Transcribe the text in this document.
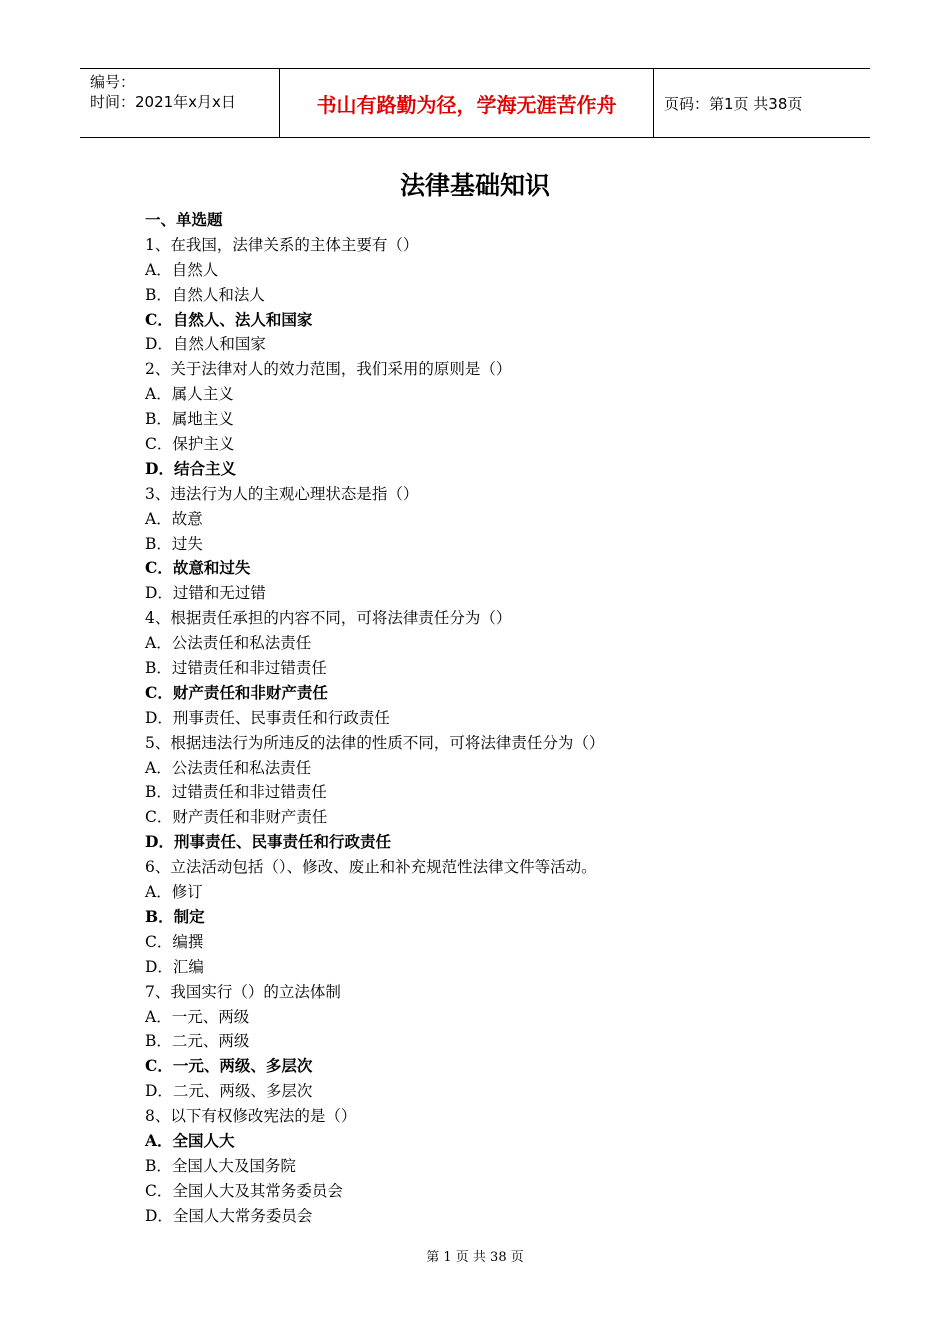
编号：
时间：2021年x月x日	书山有路勤为径，学海无涯苦作舟	页码：第1页 共38页
法律基础知识
一、单选题
1、在我国，法律关系的主体主要有（）
A．自然人
B．自然人和法人
C．自然人、法人和国家
D．自然人和国家
2、关于法律对人的效力范围，我们采用的原则是（）
A．属人主义
B．属地主义
C．保护主义
D．结合主义
3、违法行为人的主观心理状态是指（）
A．故意
B．过失
C．故意和过失
D．过错和无过错
4、根据责任承担的内容不同，可将法律责任分为（）
A．公法责任和私法责任
B．过错责任和非过错责任
C．财产责任和非财产责任
D．刑事责任、民事责任和行政责任
5、根据违法行为所违反的法律的性质不同，可将法律责任分为（）
A．公法责任和私法责任
B．过错责任和非过错责任
C．财产责任和非财产责任
D．刑事责任、民事责任和行政责任
6、立法活动包括（）、修改、废止和补充规范性法律文件等活动。
A．修订
B．制定
C．编撰
D．汇编
7、我国实行（）的立法体制
A．一元、两级
B．二元、两级
C．一元、两级、多层次
D．二元、两级、多层次
8、以下有权修改宪法的是（）
A．全国人大
B．全国人大及国务院
C．全国人大及其常务委员会
D．全国人大常务委员会
第 1 页 共 38 页
